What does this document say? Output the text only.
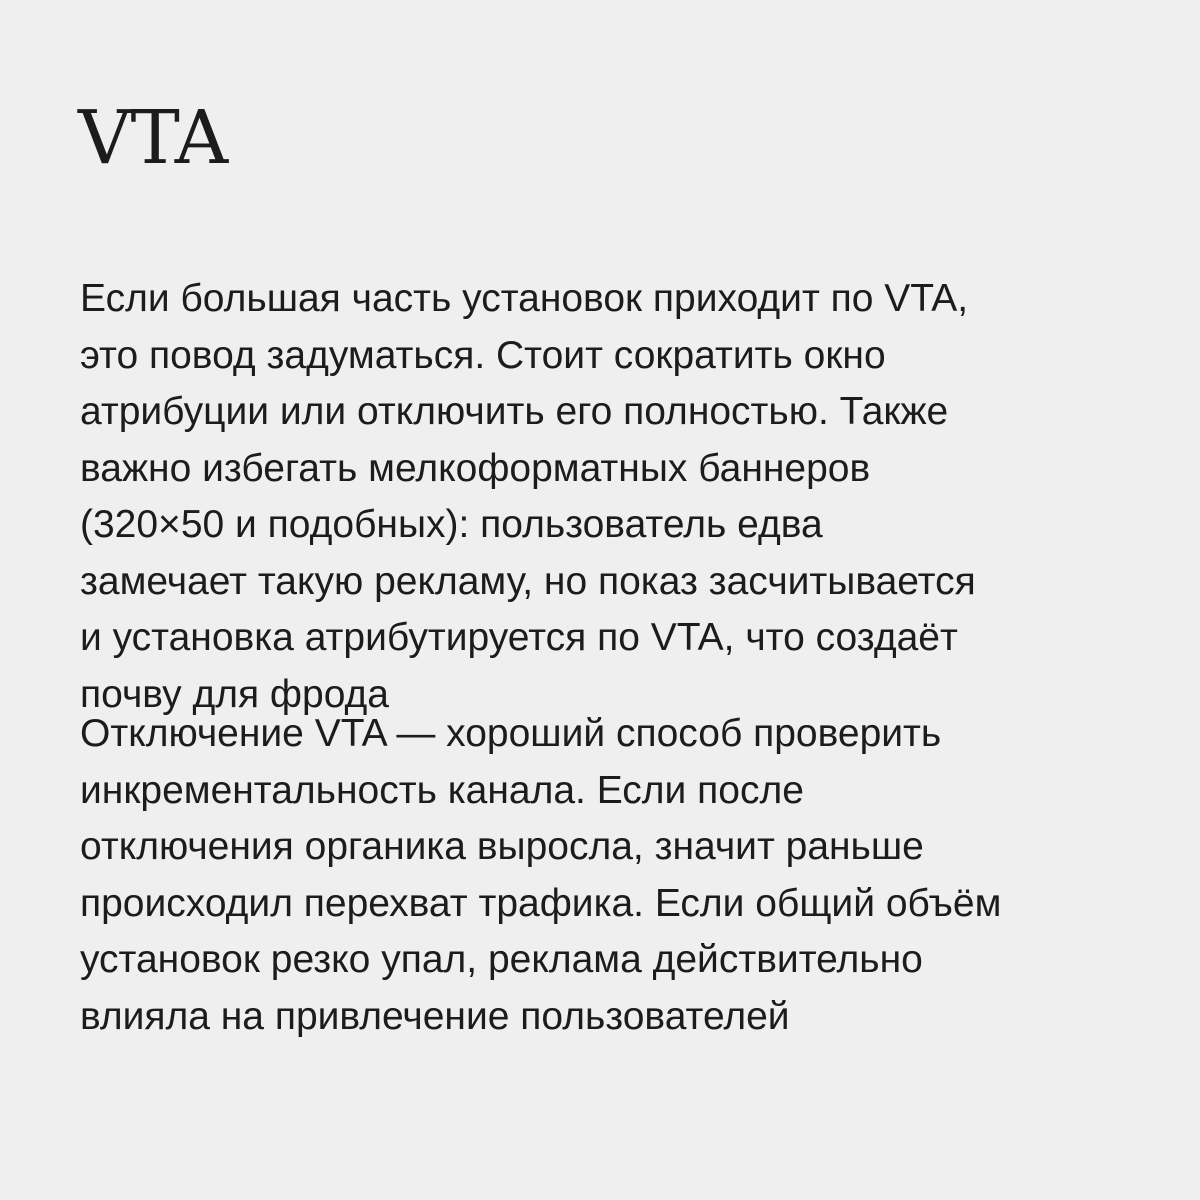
VTA

Если большая часть установок приходит по VTA,
это повод задуматься. Стоит сократить окно
атрибуции или отключить его полностью. Также
важно избегать мелкоформатных баннеров
(320×50 и подобных): пользователь едва
замечает такую рекламу, но показ засчитывается
и установка атрибутируется по VTA, что создаёт
почву для фрода

Отключение VTA — хороший способ проверить
инкрементальность канала. Если после
отключения органика выросла, значит раньше
происходил перехват трафика. Если общий объём
установок резко упал, реклама действительно
влияла на привлечение пользователей
